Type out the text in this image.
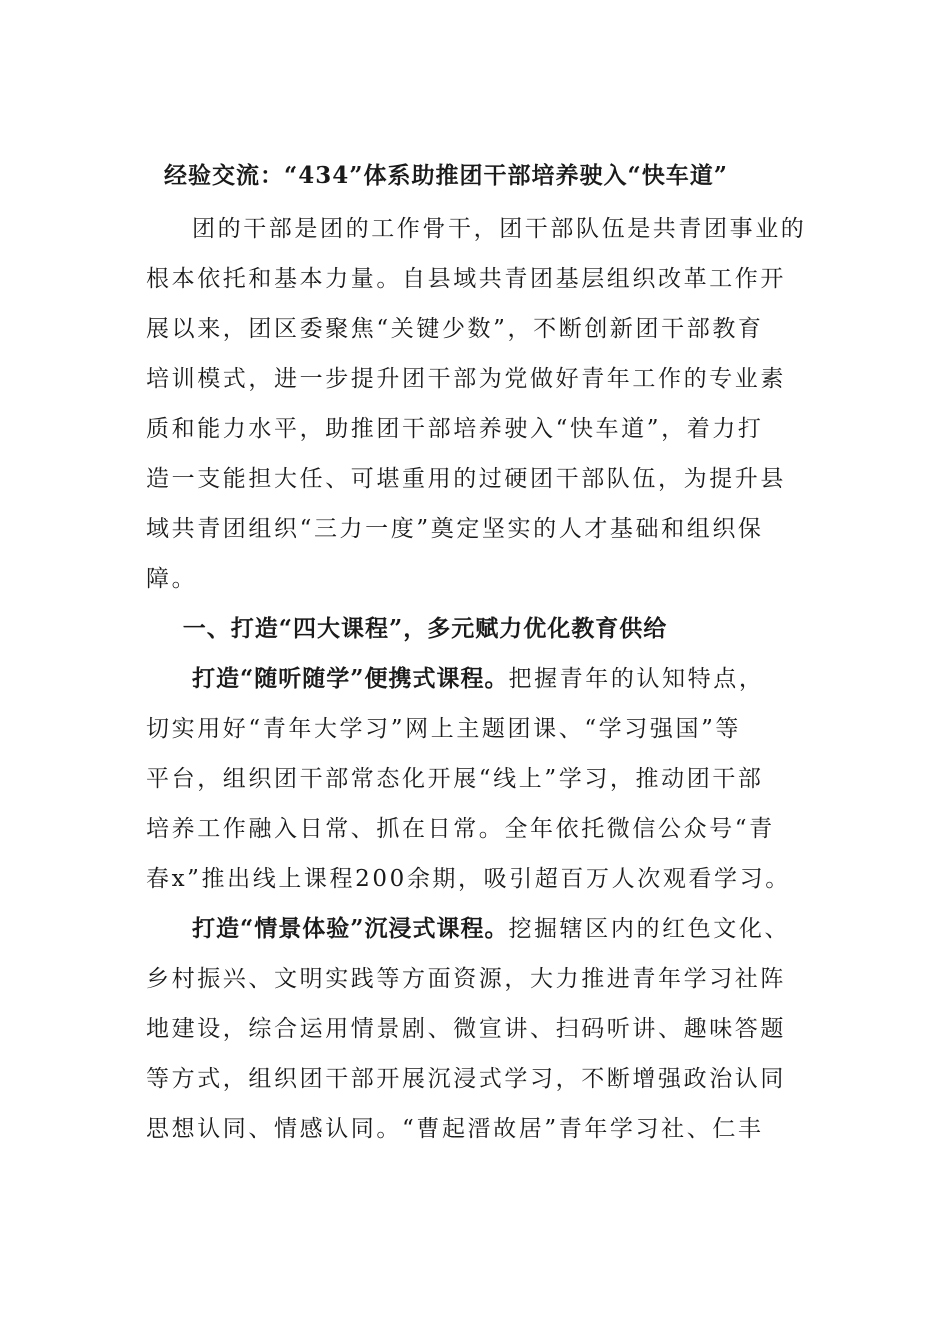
经验交流：“434”体系助推团干部培养驶入“快车道”

团的干部是团的工作骨干，团干部队伍是共青团事业的
根本依托和基本力量。自县域共青团基层组织改革工作开
展以来，团区委聚焦“关键少数”，不断创新团干部教育
培训模式，进一步提升团干部为党做好青年工作的专业素
质和能力水平，助推团干部培养驶入“快车道”，着力打
造一支能担大任、可堪重用的过硬团干部队伍，为提升县
域共青团组织“三力一度”奠定坚实的人才基础和组织保
障。

一、打造“四大课程”，多元赋力优化教育供给

打造“随听随学”便携式课程。把握青年的认知特点，
切实用好“青年大学习”网上主题团课、“学习强国”等
平台，组织团干部常态化开展“线上”学习，推动团干部
培养工作融入日常、抓在日常。全年依托微信公众号“青
春x”推出线上课程200余期，吸引超百万人次观看学习。

打造“情景体验”沉浸式课程。挖掘辖区内的红色文化、
乡村振兴、文明实践等方面资源，大力推进青年学习社阵
地建设，综合运用情景剧、微宣讲、扫码听讲、趣味答题
等方式，组织团干部开展沉浸式学习，不断增强政治认同
思想认同、情感认同。“曹起溍故居”青年学习社、仁丰
